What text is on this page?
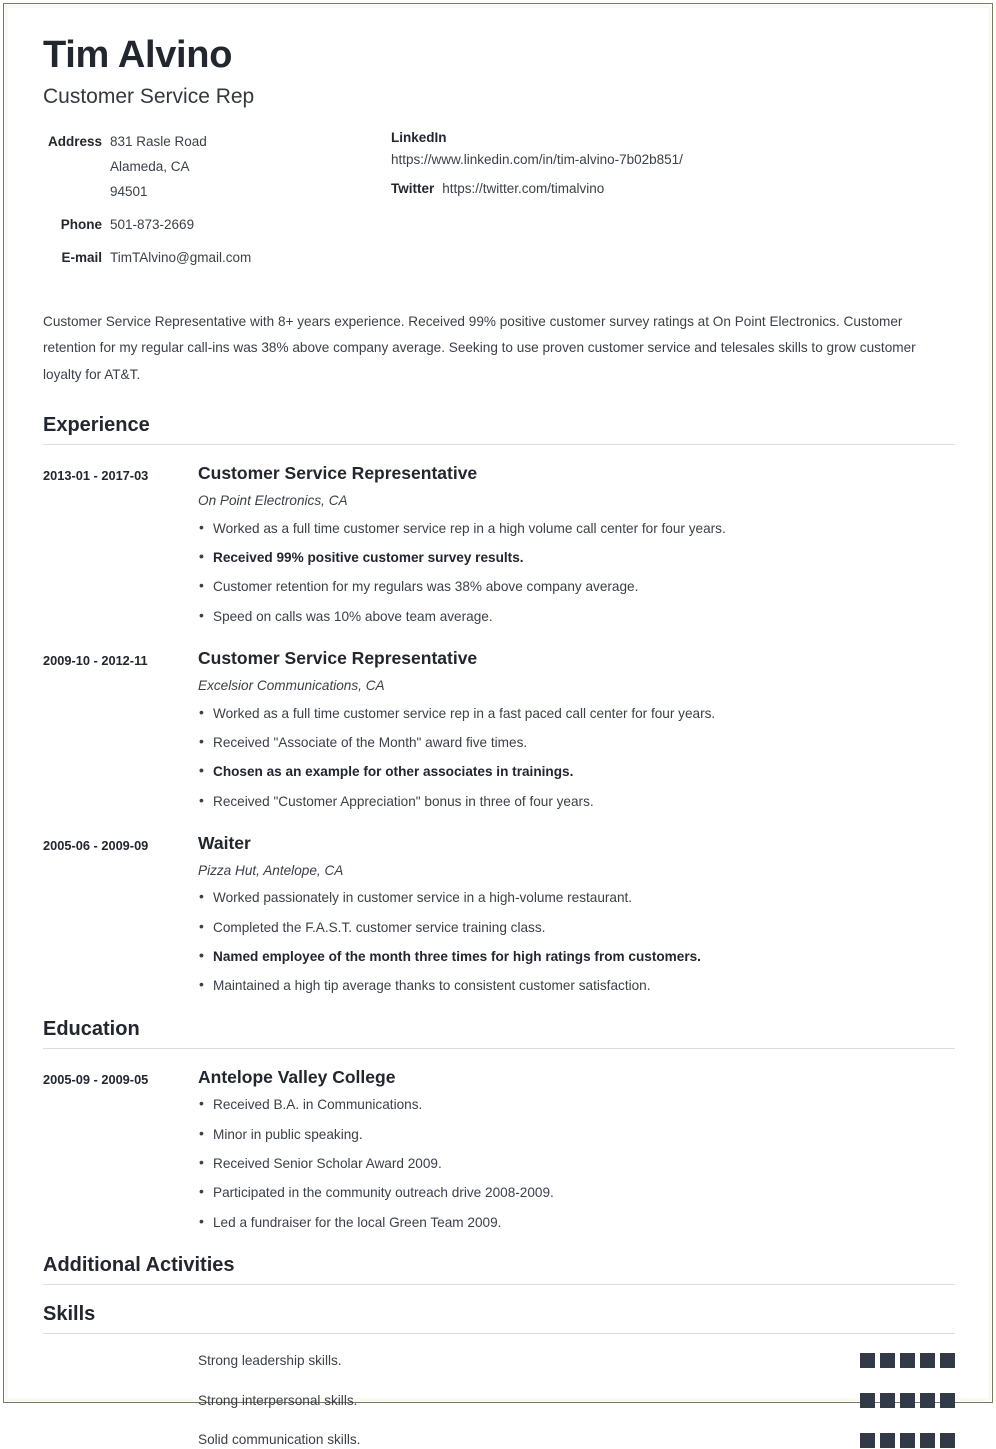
Tim Alvino
Customer Service Rep
Address 831 Rasle Road
Alameda, CA
94501
Phone 501-873-2669
E-mail TimTAlvino@gmail.com
LinkedIn
https://www.linkedin.com/in/tim-alvino-7b02b851/
Twitter https://twitter.com/timalvino

Customer Service Representative with 8+ years experience. Received 99% positive customer survey ratings at On Point Electronics. Customer retention for my regular call-ins was 38% above company average. Seeking to use proven customer service and telesales skills to grow customer loyalty for AT&T.

Experience
2013-01 - 2017-03	Customer Service Representative
On Point Electronics, CA
• Worked as a full time customer service rep in a high volume call center for four years.
• Received 99% positive customer survey results.
• Customer retention for my regulars was 38% above company average.
• Speed on calls was 10% above team average.
2009-10 - 2012-11	Customer Service Representative
Excelsior Communications, CA
• Worked as a full time customer service rep in a fast paced call center for four years.
• Received "Associate of the Month" award five times.
• Chosen as an example for other associates in trainings.
• Received "Customer Appreciation" bonus in three of four years.
2005-06 - 2009-09	Waiter
Pizza Hut, Antelope, CA
• Worked passionately in customer service in a high-volume restaurant.
• Completed the F.A.S.T. customer service training class.
• Named employee of the month three times for high ratings from customers.
• Maintained a high tip average thanks to consistent customer satisfaction.
Education
2005-09 - 2009-05	Antelope Valley College
• Received B.A. in Communications.
• Minor in public speaking.
• Received Senior Scholar Award 2009.
• Participated in the community outreach drive 2008-2009.
• Led a fundraiser for the local Green Team 2009.
Additional Activities
Skills
Strong leadership skills.
Strong interpersonal skills.
Solid communication skills.
